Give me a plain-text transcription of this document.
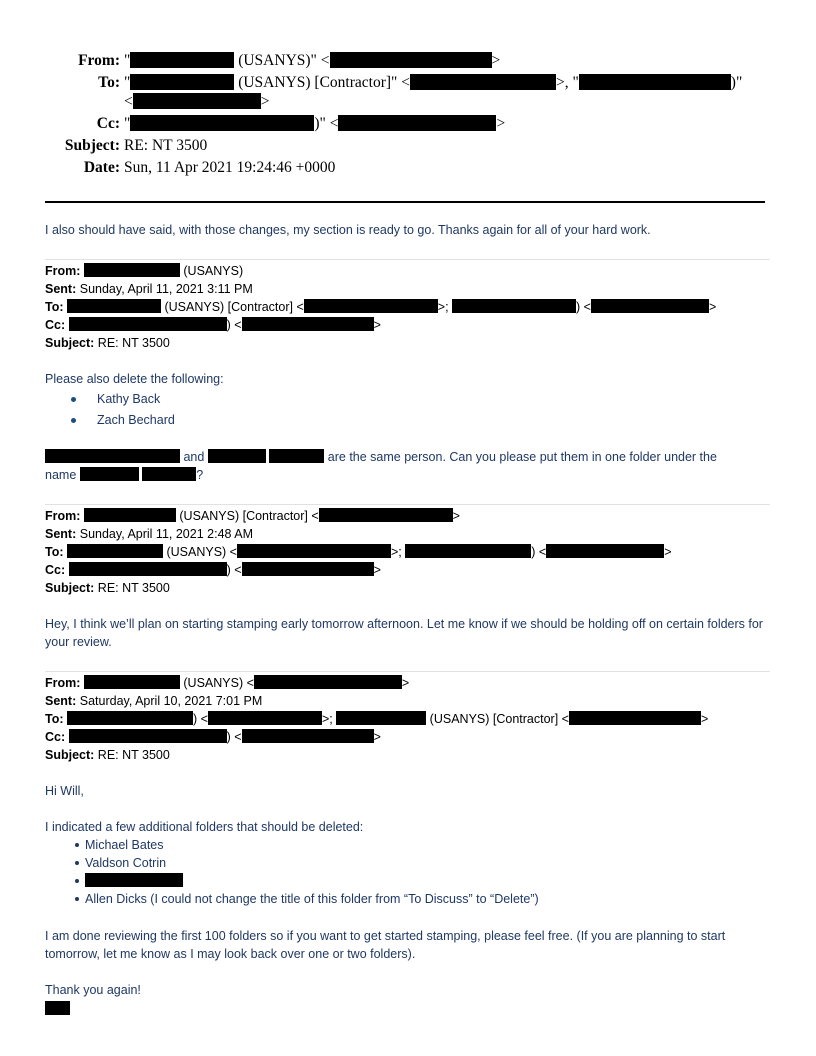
From: "	(USANYS)" <	>
To: "	(USANYS) [Contractor]" <	>, "	)"
<	>
Cc: "	)" <	>
Subject: RE: NT 3500
Date: Sun, 11 Apr 2021 19:24:46 +0000
I also should have said, with those changes, my section is ready to go. Thanks again for all of your hard work.
From:	(USANYS)
Sent: Sunday, April 11, 2021 3:11 PM
To:	(USANYS) [Contractor] <	>;	) <	>
Cc:	) <	>
Subject: RE: NT 3500
Please also delete the following:
Kathy Back
Zach Bechard
and	are the same person. Can you please put them in one folder under the
name	?
From:	(USANYS) [Contractor] <	>
Sent: Sunday, April 11, 2021 2:48 AM
To:	(USANYS) <	>;	) <	>
Cc:	) <	>
Subject: RE: NT 3500
Hey, I think we’ll plan on starting stamping early tomorrow afternoon. Let me know if we should be holding off on certain folders for your review.
From:	(USANYS) <	>
Sent: Saturday, April 10, 2021 7:01 PM
To:	) <	>;	(USANYS) [Contractor] <	>
Cc:	) <	>
Subject: RE: NT 3500
Hi Will,
I indicated a few additional folders that should be deleted:
Michael Bates
Valdson Cotrin
Allen Dicks (I could not change the title of this folder from “To Discuss” to “Delete”)
I am done reviewing the first 100 folders so if you want to get started stamping, please feel free. (If you are planning to start tomorrow, let me know as I may look back over one or two folders).
Thank you again!
